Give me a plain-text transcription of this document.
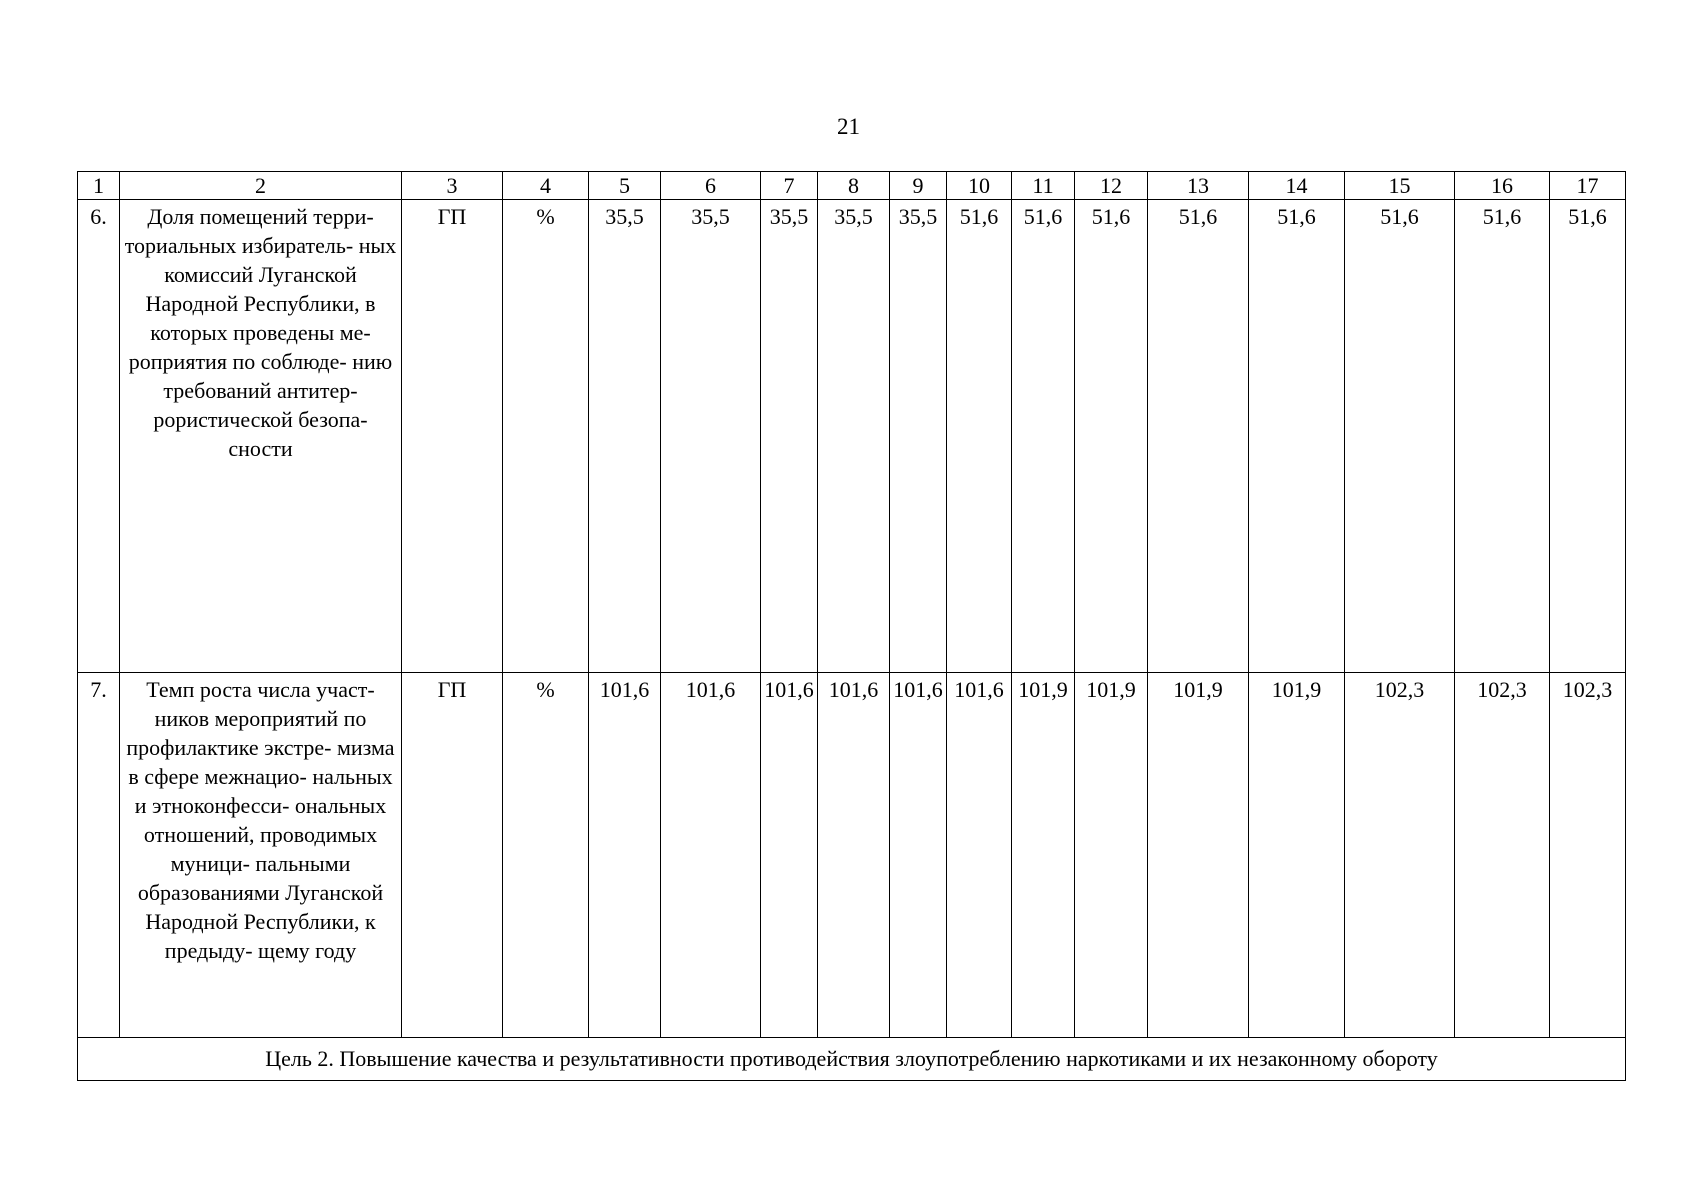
21
1	2	3	4	5	6	7	8	9	10	11	12	13	14	15	16	17
6.	Доля помещений терри- ториальных избиратель- ных комиссий Луганской Народной Республики, в которых проведены ме- роприятия по соблюде- нию требований антитер- рористической безопа- сности	ГП	%	35,5	35,5	35,5	35,5	35,5	51,6	51,6	51,6	51,6	51,6	51,6	51,6	51,6
7.	Темп роста числа участ- ников мероприятий по профилактике экстре- мизма в сфере межнацио- нальных и этноконфесси- ональных отношений, проводимых муници- пальными образованиями Луганской Народной Республики, к предыду- щему году	ГП	%	101,6	101,6	101,6	101,6	101,6	101,6	101,9	101,9	101,9	101,9	102,3	102,3	102,3
Цель 2. Повышение качества и результативности противодействия злоупотреблению наркотиками и их незаконному обороту																
